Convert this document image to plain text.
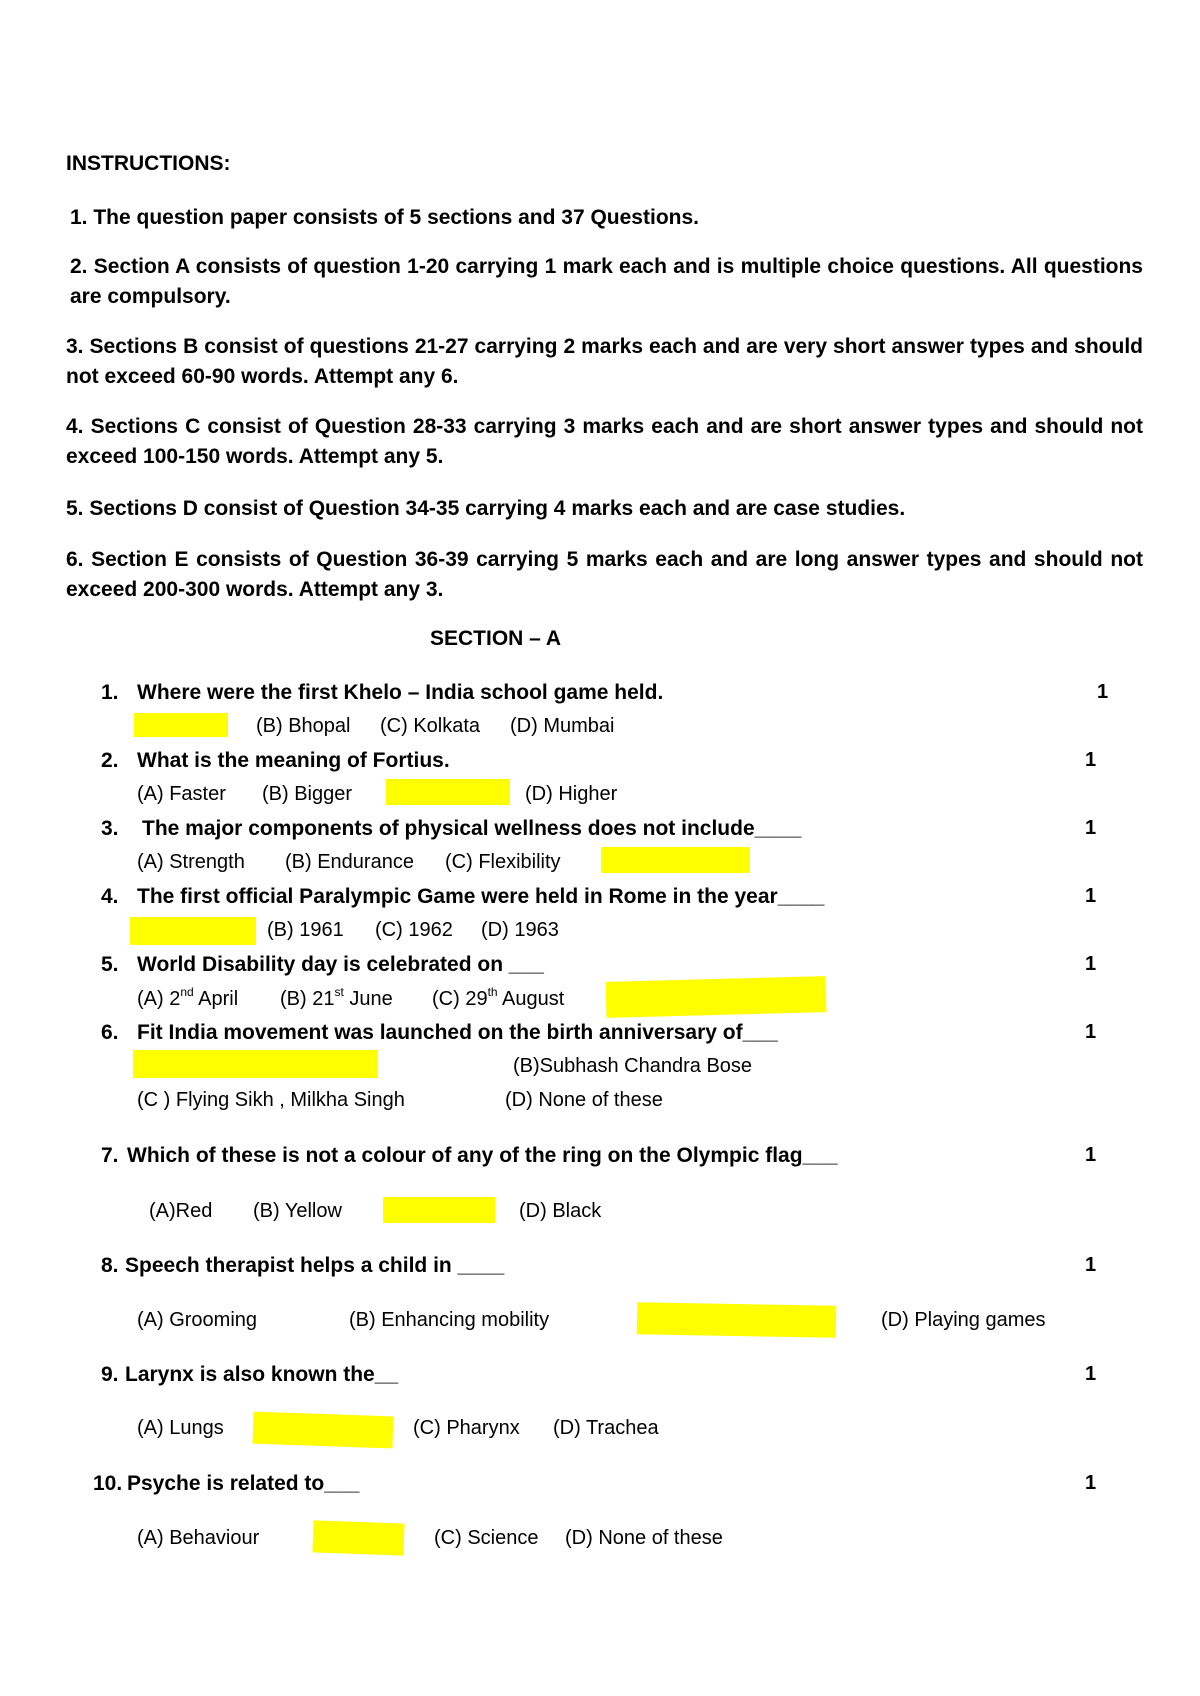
INSTRUCTIONS:
1. The question paper consists of 5 sections and 37 Questions.
2. Section A consists of question 1-20 carrying 1 mark each and is multiple choice questions. All questions are compulsory.
3. Sections B consist of questions 21-27 carrying 2 marks each and are very short answer types and should not exceed 60-90 words. Attempt any 6.
4. Sections C consist of Question 28-33 carrying 3 marks each and are short answer types and should not exceed 100-150 words. Attempt any 5.
5. Sections D consist of Question 34-35 carrying 4 marks each and are case studies.
6. Section E consists of Question 36-39 carrying 5 marks each and are long answer types and should not exceed 200-300 words. Attempt any 3.
SECTION – A
1. Where were the first Khelo – India school game held.	1
(B) Bhopal (C) Kolkata (D) Mumbai
2. What is the meaning of Fortius.	1
(A) Faster (B) Bigger	(D) Higher
3. The major components of physical wellness does not include____	1
(A) Strength (B) Endurance (C) Flexibility
4. The first official Paralympic Game were held in Rome in the year____	1
(B) 1961 (C) 1962 (D) 1963
5. World Disability day is celebrated on ___	1
(A) 2nd April (B) 21st June (C) 29th August
6. Fit India movement was launched on the birth anniversary of___	1
(B)Subhash Chandra Bose
(C ) Flying Sikh , Milkha Singh	(D) None of these
7. Which of these is not a colour of any of the ring on the Olympic flag___	1
(A)Red (B) Yellow	(D) Black
8. Speech therapist helps a child in ____	1
(A) Grooming	(B) Enhancing mobility	(D) Playing games
9. Larynx is also known the__	1
(A) Lungs	(C) Pharynx (D) Trachea
10. Psyche is related to___	1
(A) Behaviour	(C) Science (D) None of these
